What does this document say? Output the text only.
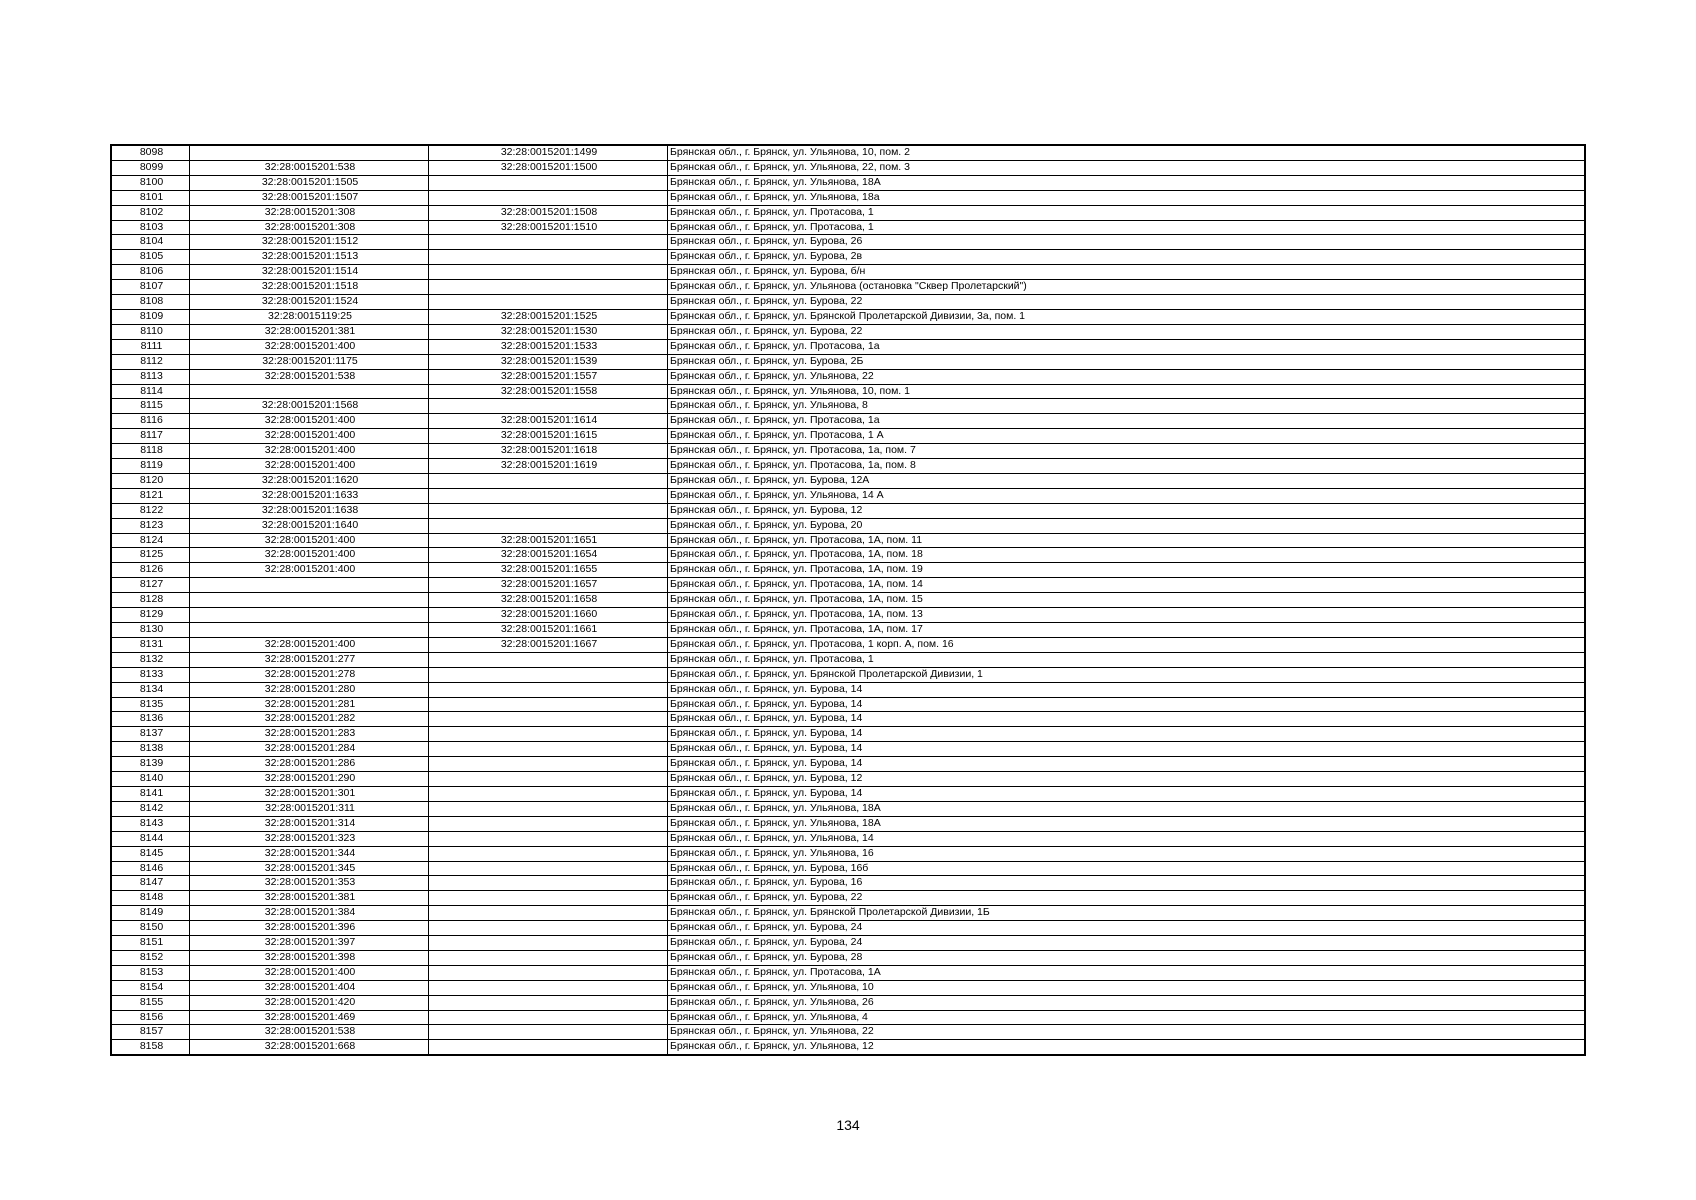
8098		32:28:0015201:1499	Брянская обл., г. Брянск, ул. Ульянова, 10, пом. 2
8099	32:28:0015201:538	32:28:0015201:1500	Брянская обл., г. Брянск, ул. Ульянова, 22, пом. 3
8100	32:28:0015201:1505		Брянская обл., г. Брянск, ул. Ульянова, 18А
8101	32:28:0015201:1507		Брянская обл., г. Брянск, ул. Ульянова, 18а
8102	32:28:0015201:308	32:28:0015201:1508	Брянская обл., г. Брянск, ул. Протасова, 1
8103	32:28:0015201:308	32:28:0015201:1510	Брянская обл., г. Брянск, ул. Протасова, 1
8104	32:28:0015201:1512		Брянская обл., г. Брянск, ул. Бурова, 26
8105	32:28:0015201:1513		Брянская обл., г. Брянск, ул. Бурова, 2в
8106	32:28:0015201:1514		Брянская обл., г. Брянск, ул. Бурова, б/н
8107	32:28:0015201:1518		Брянская обл., г. Брянск, ул. Ульянова (остановка "Сквер Пролетарский")
8108	32:28:0015201:1524		Брянская обл., г. Брянск, ул. Бурова, 22
8109	32:28:0015119:25	32:28:0015201:1525	Брянская обл., г. Брянск, ул. Брянской Пролетарской Дивизии, 3а, пом. 1
8110	32:28:0015201:381	32:28:0015201:1530	Брянская обл., г. Брянск, ул. Бурова, 22
8111	32:28:0015201:400	32:28:0015201:1533	Брянская обл., г. Брянск, ул. Протасова, 1а
8112	32:28:0015201:1175	32:28:0015201:1539	Брянская обл., г. Брянск, ул. Бурова, 2Б
8113	32:28:0015201:538	32:28:0015201:1557	Брянская обл., г. Брянск, ул. Ульянова, 22
8114		32:28:0015201:1558	Брянская обл., г. Брянск, ул. Ульянова, 10, пом. 1
8115	32:28:0015201:1568		Брянская обл., г. Брянск, ул. Ульянова, 8
8116	32:28:0015201:400	32:28:0015201:1614	Брянская обл., г. Брянск, ул. Протасова, 1а
8117	32:28:0015201:400	32:28:0015201:1615	Брянская обл., г. Брянск, ул. Протасова, 1 А
8118	32:28:0015201:400	32:28:0015201:1618	Брянская обл., г. Брянск, ул. Протасова, 1а, пом. 7
8119	32:28:0015201:400	32:28:0015201:1619	Брянская обл., г. Брянск, ул. Протасова, 1а, пом. 8
8120	32:28:0015201:1620		Брянская обл., г. Брянск, ул. Бурова, 12А
8121	32:28:0015201:1633		Брянская обл., г. Брянск, ул. Ульянова, 14 А
8122	32:28:0015201:1638		Брянская обл., г. Брянск, ул. Бурова, 12
8123	32:28:0015201:1640		Брянская обл., г. Брянск, ул. Бурова, 20
8124	32:28:0015201:400	32:28:0015201:1651	Брянская обл., г. Брянск, ул. Протасова, 1А, пом. 11
8125	32:28:0015201:400	32:28:0015201:1654	Брянская обл., г. Брянск, ул. Протасова, 1А, пом. 18
8126	32:28:0015201:400	32:28:0015201:1655	Брянская обл., г. Брянск, ул. Протасова, 1А, пом. 19
8127		32:28:0015201:1657	Брянская обл., г. Брянск, ул. Протасова, 1А, пом. 14
8128		32:28:0015201:1658	Брянская обл., г. Брянск, ул. Протасова, 1А, пом. 15
8129		32:28:0015201:1660	Брянская обл., г. Брянск, ул. Протасова, 1А, пом. 13
8130		32:28:0015201:1661	Брянская обл., г. Брянск, ул. Протасова, 1А, пом. 17
8131	32:28:0015201:400	32:28:0015201:1667	Брянская обл., г. Брянск, ул. Протасова, 1 корп. А, пом. 16
8132	32:28:0015201:277		Брянская обл., г. Брянск, ул. Протасова, 1
8133	32:28:0015201:278		Брянская обл., г. Брянск, ул. Брянской Пролетарской Дивизии, 1
8134	32:28:0015201:280		Брянская обл., г. Брянск, ул. Бурова, 14
8135	32:28:0015201:281		Брянская обл., г. Брянск, ул. Бурова, 14
8136	32:28:0015201:282		Брянская обл., г. Брянск, ул. Бурова, 14
8137	32:28:0015201:283		Брянская обл., г. Брянск, ул. Бурова, 14
8138	32:28:0015201:284		Брянская обл., г. Брянск, ул. Бурова, 14
8139	32:28:0015201:286		Брянская обл., г. Брянск, ул. Бурова, 14
8140	32:28:0015201:290		Брянская обл., г. Брянск, ул. Бурова, 12
8141	32:28:0015201:301		Брянская обл., г. Брянск, ул. Бурова, 14
8142	32:28:0015201:311		Брянская обл., г. Брянск, ул. Ульянова, 18А
8143	32:28:0015201:314		Брянская обл., г. Брянск, ул. Ульянова, 18А
8144	32:28:0015201:323		Брянская обл., г. Брянск, ул. Ульянова, 14
8145	32:28:0015201:344		Брянская обл., г. Брянск, ул. Ульянова, 16
8146	32:28:0015201:345		Брянская обл., г. Брянск, ул. Бурова, 16б
8147	32:28:0015201:353		Брянская обл., г. Брянск, ул. Бурова, 16
8148	32:28:0015201:381		Брянская обл., г. Брянск, ул. Бурова, 22
8149	32:28:0015201:384		Брянская обл., г. Брянск, ул. Брянской Пролетарской Дивизии, 1Б
8150	32:28:0015201:396		Брянская обл., г. Брянск, ул. Бурова, 24
8151	32:28:0015201:397		Брянская обл., г. Брянск, ул. Бурова, 24
8152	32:28:0015201:398		Брянская обл., г. Брянск, ул. Бурова, 28
8153	32:28:0015201:400		Брянская обл., г. Брянск, ул. Протасова, 1А
8154	32:28:0015201:404		Брянская обл., г. Брянск, ул. Ульянова, 10
8155	32:28:0015201:420		Брянская обл., г. Брянск, ул. Ульянова, 26
8156	32:28:0015201:469		Брянская обл., г. Брянск, ул. Ульянова, 4
8157	32:28:0015201:538		Брянская обл., г. Брянск, ул. Ульянова, 22
8158	32:28:0015201:668		Брянская обл., г. Брянск, ул. Ульянова, 12
134
